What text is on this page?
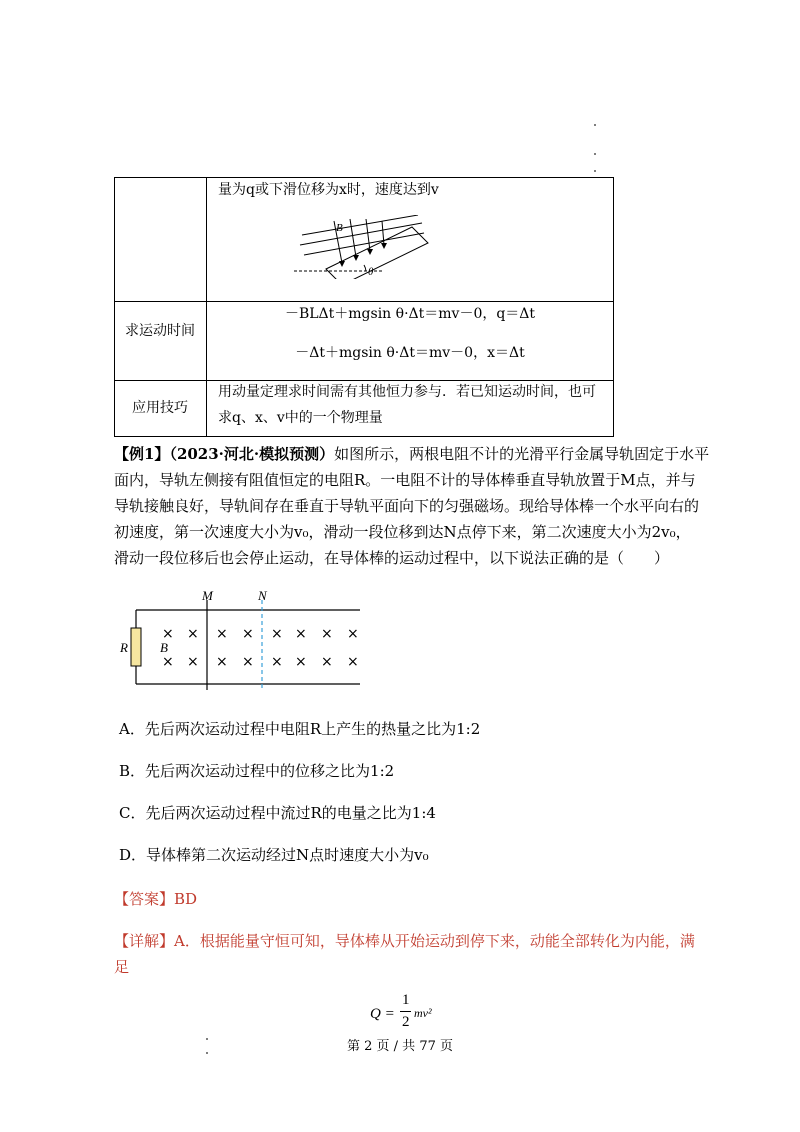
量为q或下滑位移为x时，速度达到v
B
θ
求运动时间
－BLΔt＋mgsin θ·Δt＝mv－0，q＝Δt
－Δt＋mgsin θ·Δt＝mv－0，x＝Δt
应用技巧
用动量定理求时间需有其他恒力参与．若已知运动时间，也可
求q、x、v中的一个物理量
【例1】（2023·河北·模拟预测）如图所示，两根电阻不计的光滑平行金属导轨固定于水平
面内，导轨左侧接有阻值恒定的电阻R。一电阻不计的导体棒垂直导轨放置于M点，并与
导轨接触良好，导轨间存在垂直于导轨平面向下的匀强磁场。现给导体棒一个水平向右的
初速度，第一次速度大小为v₀，滑动一段位移到达N点停下来，第二次速度大小为2v₀，
滑动一段位移后也会停止运动，在导体棒的运动过程中，以下说法正确的是（　　）
M	N
R B
× × × × × × × ×
× × × × × × × ×
A．先后两次运动过程中电阻R上产生的热量之比为1:2
B．先后两次运动过程中的位移之比为1:2
C．先后两次运动过程中流过R的电量之比为1:4
D．导体棒第二次运动经过N点时速度大小为v₀
【答案】BD
【详解】A．根据能量守恒可知，导体棒从开始运动到停下来，动能全部转化为内能，满
足
Q =
1
2
mv²
第 2 页 / 共 77 页
